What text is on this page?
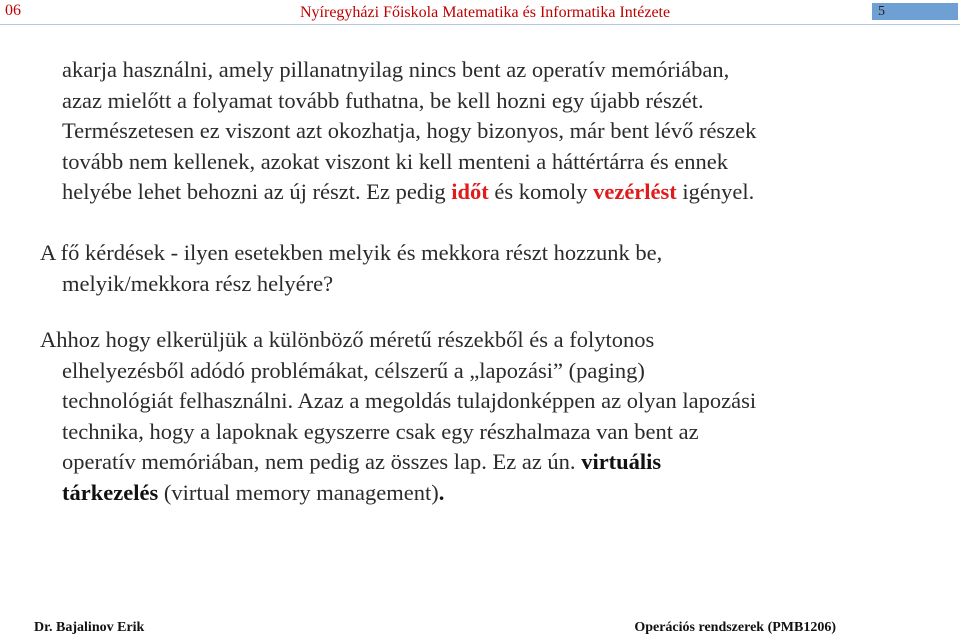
06	Nyíregyházi Főiskola Matematika és Informatika Intézete	5
akarja használni, amely pillanatnyilag nincs bent az operatív memóriában,
azaz mielőtt a folyamat tovább futhatna, be kell hozni egy újabb részét.
Természetesen ez viszont azt okozhatja, hogy bizonyos, már bent lévő részek
tovább nem kellenek, azokat viszont ki kell menteni a háttértárra és ennek
helyébe lehet behozni az új részt. Ez pedig időt és komoly vezérlést igényel.
A fő kérdések - ilyen esetekben melyik és mekkora részt hozzunk be,
melyik/mekkora rész helyére?
Ahhoz hogy elkerüljük a különböző méretű részekből és a folytonos
elhelyezésből adódó problémákat, célszerű a „lapozási” (paging)
technológiát felhasználni. Azaz a megoldás tulajdonképpen az olyan lapozási
technika, hogy a lapoknak egyszerre csak egy részhalmaza van bent az
operatív memóriában, nem pedig az összes lap. Ez az ún. virtuális
tárkezelés (virtual memory management).
Dr. Bajalinov Erik	Operációs rendszerek (PMB1206)
